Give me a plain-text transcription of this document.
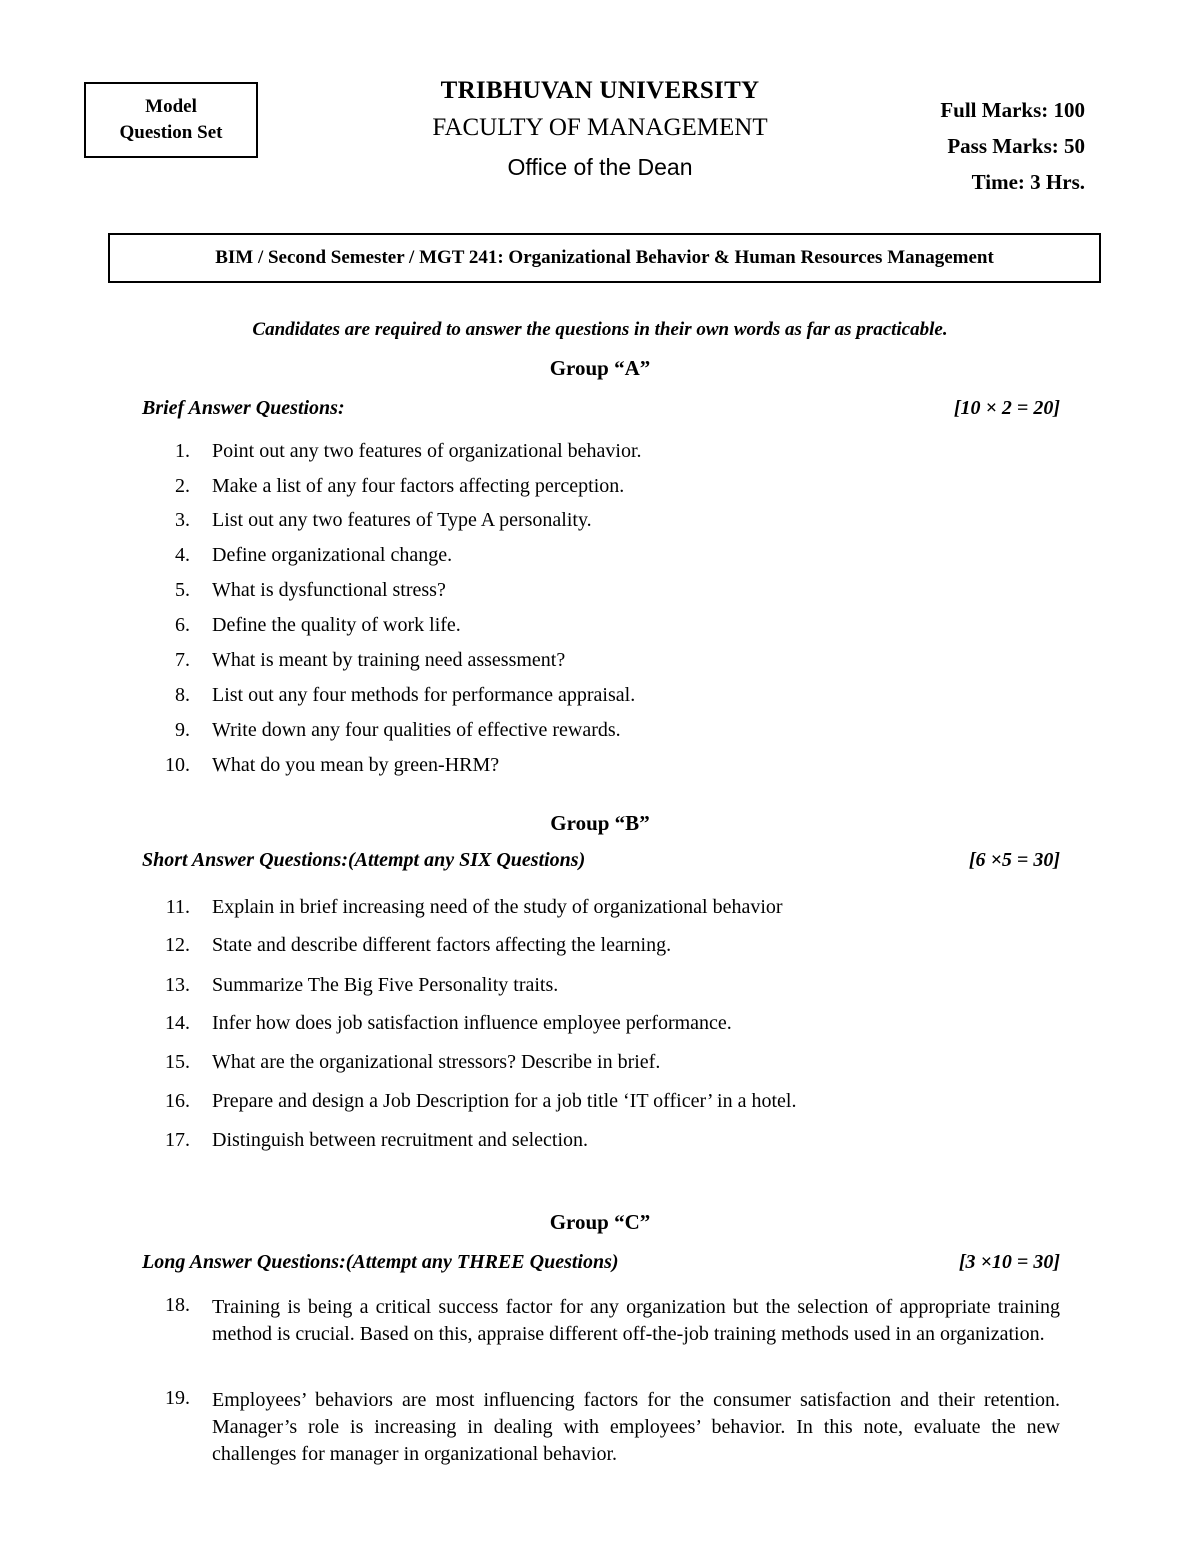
Model
Question Set
TRIBHUVAN UNIVERSITY
FACULTY OF MANAGEMENT
Office of the Dean
Full Marks: 100
Pass Marks: 50
Time: 3 Hrs.
BIM / Second Semester / MGT 241: Organizational Behavior & Human Resources Management
Candidates are required to answer the questions in their own words as far as practicable.
Group “A”
Brief Answer Questions:	[10 × 2 = 20]
1. Point out any two features of organizational behavior.
2. Make a list of any four factors affecting perception.
3. List out any two features of Type A personality.
4. Define organizational change.
5. What is dysfunctional stress?
6. Define the quality of work life.
7. What is meant by training need assessment?
8. List out any four methods for performance appraisal.
9. Write down any four qualities of effective rewards.
10. What do you mean by green-HRM?
Group “B”
Short Answer Questions:(Attempt any SIX Questions)	[6 ×5 = 30]
11. Explain in brief increasing need of the study of organizational behavior
12. State and describe different factors affecting the learning.
13. Summarize The Big Five Personality traits.
14. Infer how does job satisfaction influence employee performance.
15. What are the organizational stressors? Describe in brief.
16. Prepare and design a Job Description for a job title ‘IT officer’ in a hotel.
17. Distinguish between recruitment and selection.
Group “C”
Long Answer Questions:(Attempt any THREE Questions)	[3 ×10 = 30]
18. Training is being a critical success factor for any organization but the selection of appropriate training method is crucial. Based on this, appraise different off-the-job training methods used in an organization.
19. Employees’ behaviors are most influencing factors for the consumer satisfaction and their retention. Manager’s role is increasing in dealing with employees’ behavior. In this note, evaluate the new challenges for manager in organizational behavior.
